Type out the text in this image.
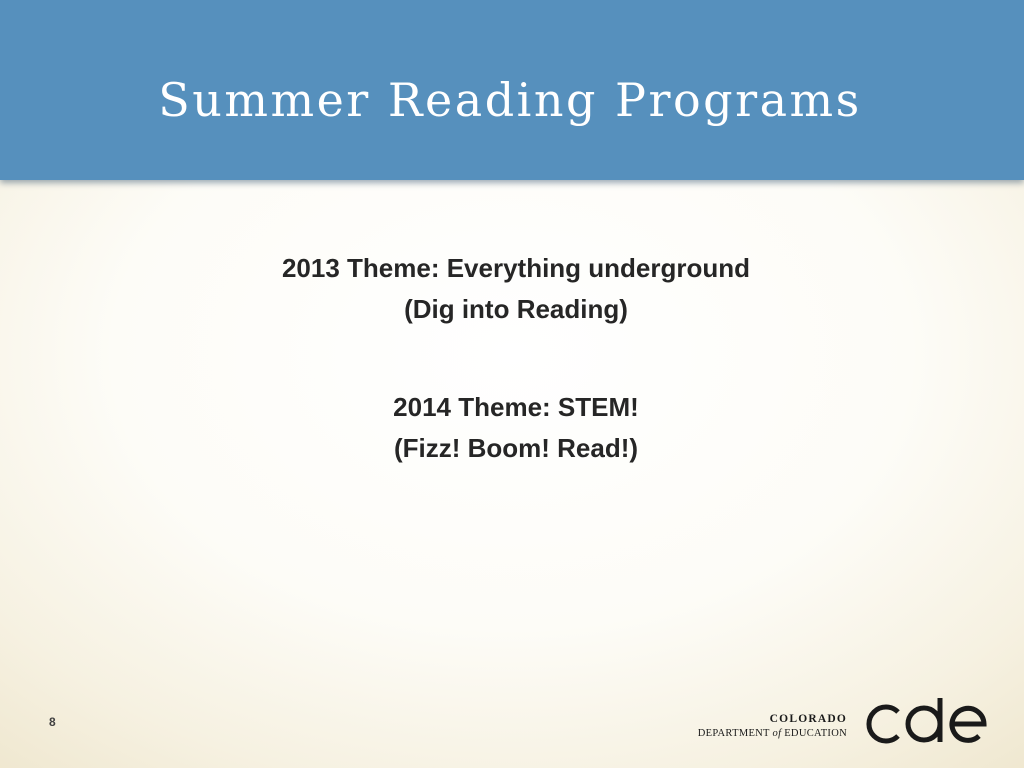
Summer Reading Programs

2013 Theme: Everything underground
(Dig into Reading)

2014 Theme: STEM!
(Fizz! Boom! Read!)

8	COLORADO
DEPARTMENT of EDUCATION
